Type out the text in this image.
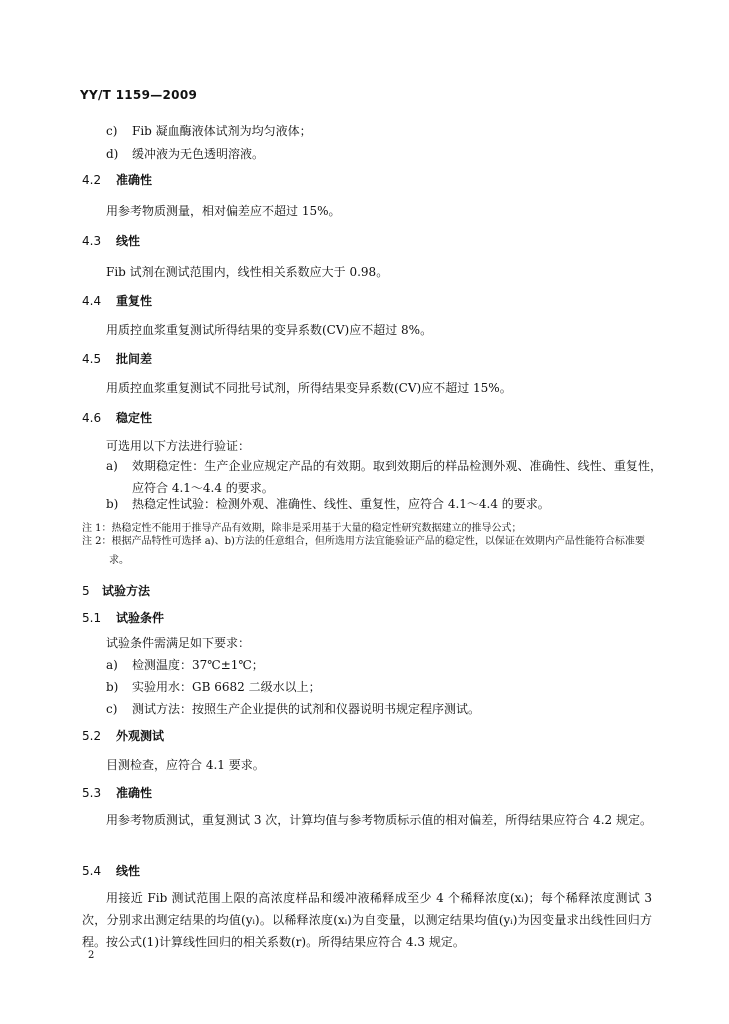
YY/T 1159—2009
c) Fib 凝血酶液体试剂为均匀液体；
d) 缓冲液为无色透明溶液。
4.2 准确性
用参考物质测量，相对偏差应不超过 15%。
4.3 线性
Fib 试剂在测试范围内，线性相关系数应大于 0.98。
4.4 重复性
用质控血浆重复测试所得结果的变异系数(CV)应不超过 8%。
4.5 批间差
用质控血浆重复测试不同批号试剂，所得结果变异系数(CV)应不超过 15%。
4.6 稳定性
可选用以下方法进行验证：
a)	效期稳定性：生产企业应规定产品的有效期。取到效期后的样品检测外观、准确性、线性、重复性，应符合 4.1～4.4 的要求。
b)	热稳定性试验：检测外观、准确性、线性、重复性，应符合 4.1～4.4 的要求。
注 1：热稳定性不能用于推导产品有效期，除非是采用基于大量的稳定性研究数据建立的推导公式；
注 2： 根据产品特性可选择 a)、b)方法的任意组合，但所选用方法宜能验证产品的稳定性，以保证在效期内产品性能符合标准要求。
5 试验方法
5.1 试验条件
试验条件需满足如下要求：
a) 检测温度：37℃±1℃；
b) 实验用水：GB 6682 二级水以上；
c) 测试方法：按照生产企业提供的试剂和仪器说明书规定程序测试。
5.2 外观测试
目测检查，应符合 4.1 要求。
5.3 准确性
用参考物质测试，重复测试 3 次，计算均值与参考物质标示值的相对偏差，所得结果应符合 4.2 规定。
5.4 线性
用接近 Fib 测试范围上限的高浓度样品和缓冲液稀释成至少 4 个稀释浓度(xᵢ)；每个稀释浓度测试 3 次，分别求出测定结果的均值(yᵢ)。以稀释浓度(xᵢ)为自变量，以测定结果均值(yᵢ)为因变量求出线性回归方程。按公式(1)计算线性回归的相关系数(r)。所得结果应符合 4.3 规定。
2
